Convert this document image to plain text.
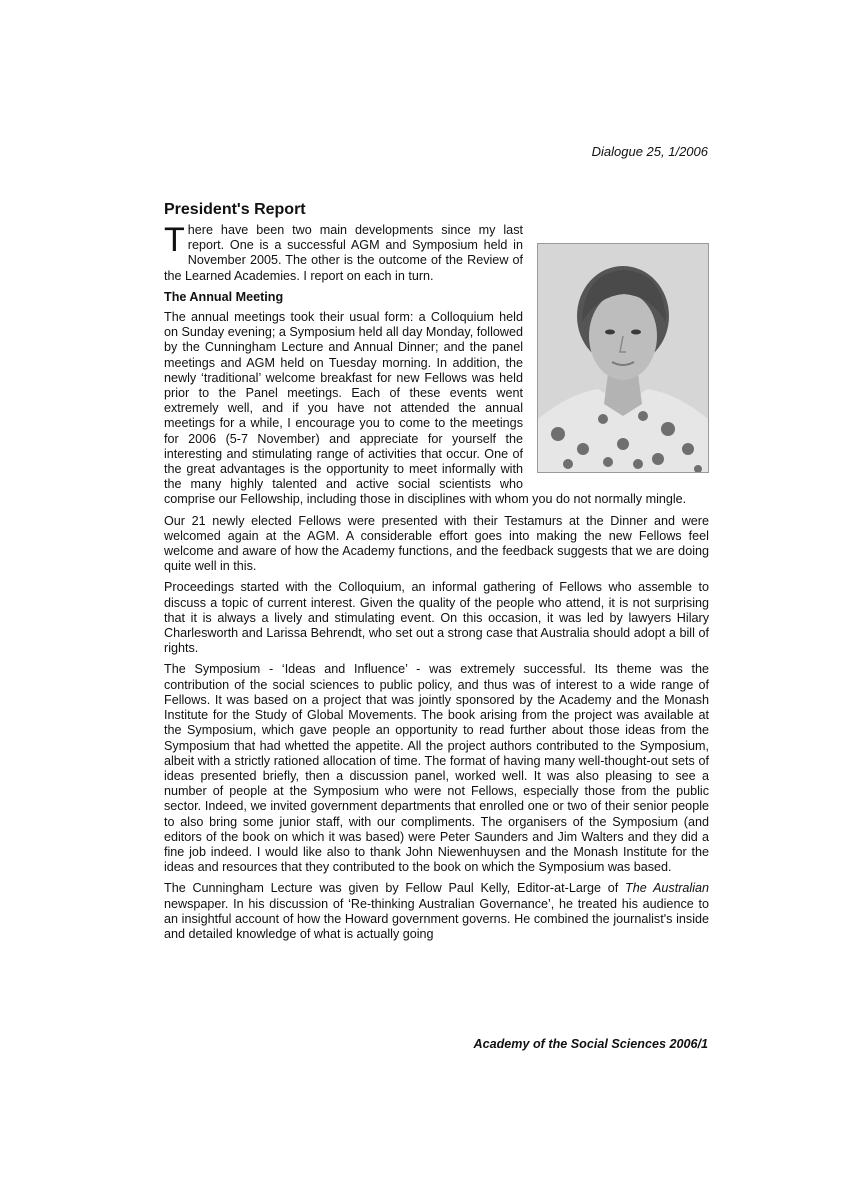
Dialogue 25, 1/2006
President's Report

There have been two main developments since my last report. One is a successful AGM and Symposium held in November 2005. The other is the outcome of the Review of the Learned Academies. I report on each in turn.

The Annual Meeting

The annual meetings took their usual form: a Colloquium held on Sunday evening; a Symposium held all day Monday, followed by the Cunningham Lecture and Annual Dinner; and the panel meetings and AGM held on Tuesday morning. In addition, the newly ‘traditional’ welcome breakfast for new Fellows was held prior to the Panel meetings. Each of these events went extremely well, and if you have not attended the annual meetings for a while, I encourage you to come to the meetings for 2006 (5-7 November) and appreciate for yourself the interesting and stimulating range of activities that occur. One of the great advantages is the opportunity to meet informally with the many highly talented and active social scientists who comprise our Fellowship, including those in disciplines with whom you do not normally mingle.

Our 21 newly elected Fellows were presented with their Testamurs at the Dinner and were welcomed again at the AGM. A considerable effort goes into making the new Fellows feel welcome and aware of how the Academy functions, and the feedback suggests that we are doing quite well in this.

Proceedings started with the Colloquium, an informal gathering of Fellows who assemble to discuss a topic of current interest. Given the quality of the people who attend, it is not surprising that it is always a lively and stimulating event. On this occasion, it was led by lawyers Hilary Charlesworth and Larissa Behrendt, who set out a strong case that Australia should adopt a bill of rights.

The Symposium - ‘Ideas and Influence’ - was extremely successful. Its theme was the contribution of the social sciences to public policy, and thus was of interest to a wide range of Fellows. It was based on a project that was jointly sponsored by the Academy and the Monash Institute for the Study of Global Movements. The book arising from the project was available at the Symposium, which gave people an opportunity to read further about those ideas from the Symposium that had whetted the appetite. All the project authors contributed to the Symposium, albeit with a strictly rationed allocation of time. The format of having many well-thought-out sets of ideas presented briefly, then a discussion panel, worked well. It was also pleasing to see a number of people at the Symposium who were not Fellows, especially those from the public sector. Indeed, we invited government departments that enrolled one or two of their senior people to also bring some junior staff, with our compliments. The organisers of the Symposium (and editors of the book on which it was based) were Peter Saunders and Jim Walters and they did a fine job indeed. I would like also to thank John Niewenhuysen and the Monash Institute for the ideas and resources that they contributed to the book on which the Symposium was based.

The Cunningham Lecture was given by Fellow Paul Kelly, Editor-at-Large of The Australian newspaper. In his discussion of ‘Re-thinking Australian Governance’, he treated his audience to an insightful account of how the Howard government governs. He combined the journalist's inside and detailed knowledge of what is actually going

Academy of the Social Sciences 2006/1
